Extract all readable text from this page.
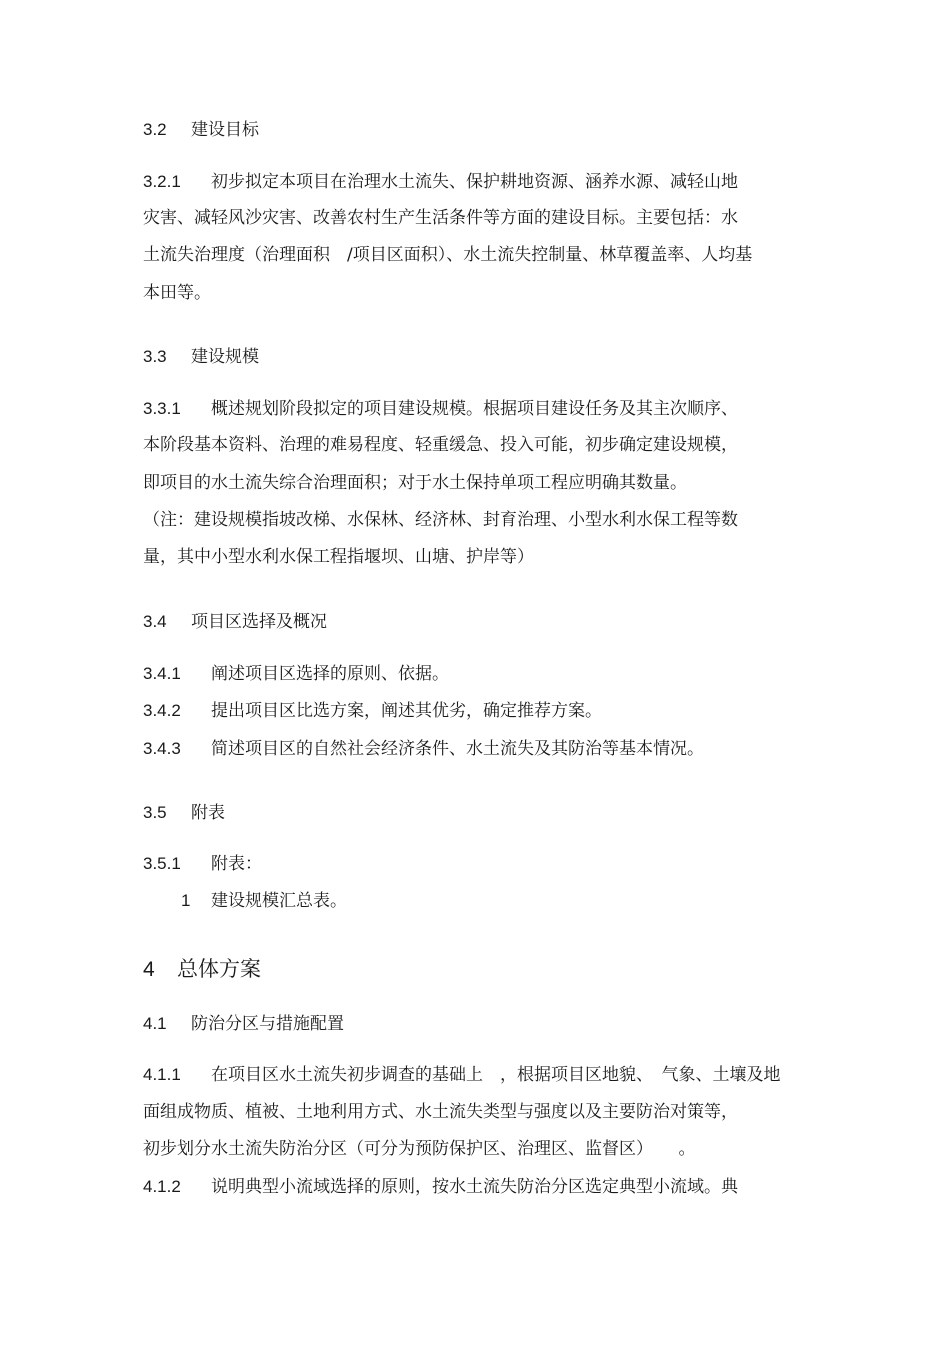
3.2 建设目标
3.2.1 初步拟定本项目在治理水土流失、保护耕地资源、涵养水源、减轻山地
灾害、减轻风沙灾害、改善农村生产生活条件等方面的建设目标。主要包括：水
土流失治理度（治理面积　/项目区面积）、水土流失控制量、林草覆盖率、人均基
本田等。
3.3 建设规模
3.3.1 概述规划阶段拟定的项目建设规模。根据项目建设任务及其主次顺序、
本阶段基本资料、治理的难易程度、轻重缓急、投入可能，初步确定建设规模，
即项目的水土流失综合治理面积；对于水土保持单项工程应明确其数量。
（注：建设规模指坡改梯、水保林、经济林、封育治理、小型水利水保工程等数
量，其中小型水利水保工程指堰坝、山塘、护岸等）
3.4 项目区选择及概况
3.4.1 阐述项目区选择的原则、依据。
3.4.2 提出项目区比选方案，阐述其优劣，确定推荐方案。
3.4.3 简述项目区的自然社会经济条件、水土流失及其防治等基本情况。
3.5 附表
3.5.1 附表：
1 建设规模汇总表。
4 总体方案
4.1 防治分区与措施配置
4.1.1 在项目区水土流失初步调查的基础上　，根据项目区地貌、　气象、土壤及地
面组成物质、植被、土地利用方式、水土流失类型与强度以及主要防治对策等，
初步划分水土流失防治分区（可分为预防保护区、治理区、监督区）　　。
4.1.2 说明典型小流域选择的原则，按水土流失防治分区选定典型小流域。典
